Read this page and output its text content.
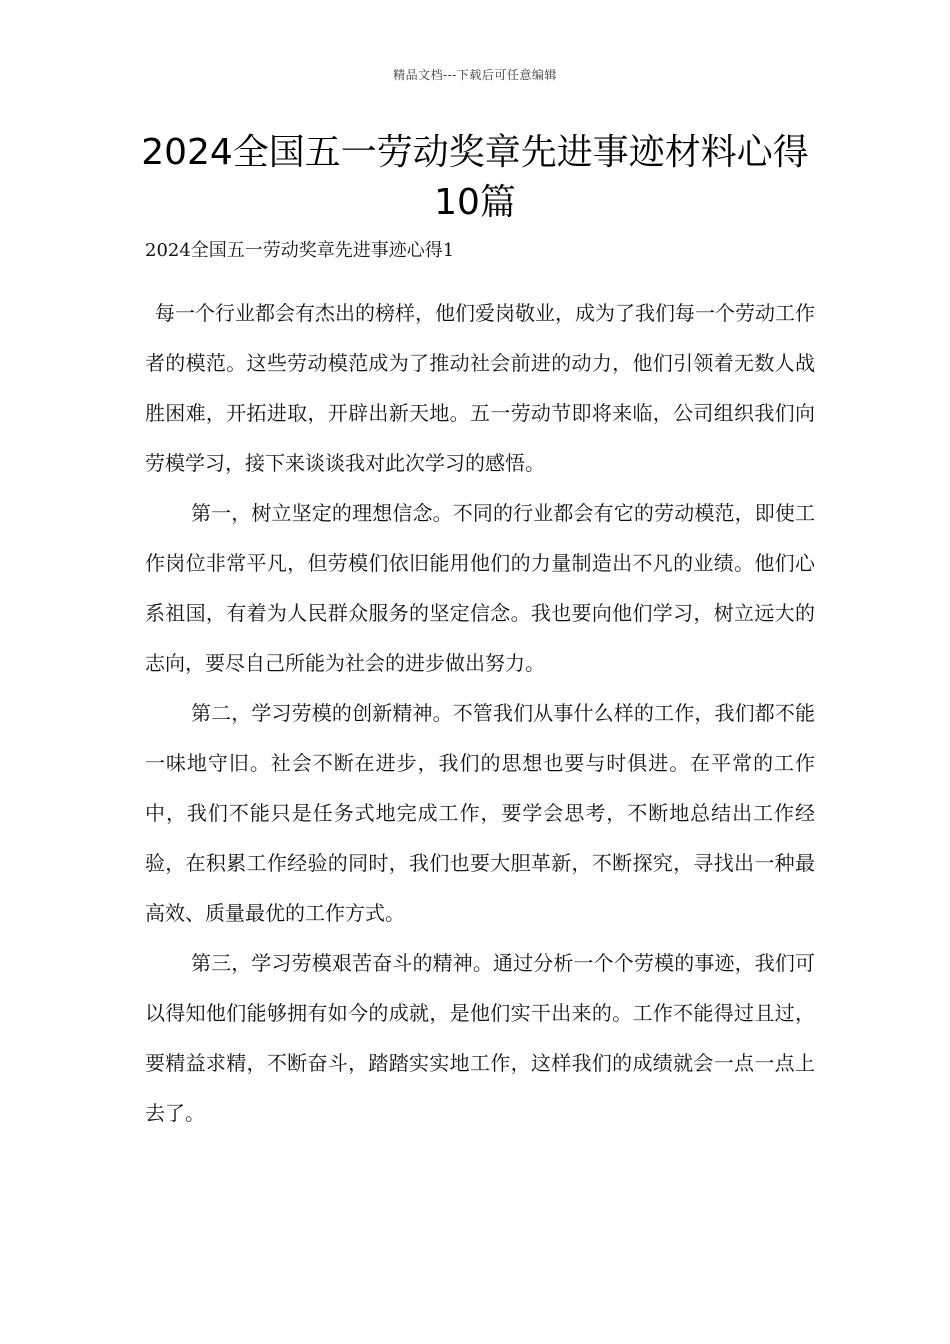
精品文档---下载后可任意编辑
2024全国五一劳动奖章先进事迹材料心得10篇
2024全国五一劳动奖章先进事迹心得1

每一个行业都会有杰出的榜样，他们爱岗敬业，成为了我们每一个劳动工作者的模范。这些劳动模范成为了推动社会前进的动力，他们引领着无数人战胜困难，开拓进取，开辟出新天地。五一劳动节即将来临，公司组织我们向劳模学习，接下来谈谈我对此次学习的感悟。

第一，树立坚定的理想信念。不同的行业都会有它的劳动模范，即使工作岗位非常平凡，但劳模们依旧能用他们的力量制造出不凡的业绩。他们心系祖国，有着为人民群众服务的坚定信念。我也要向他们学习，树立远大的志向，要尽自己所能为社会的进步做出努力。

第二，学习劳模的创新精神。不管我们从事什么样的工作，我们都不能一味地守旧。社会不断在进步，我们的思想也要与时俱进。在平常的工作中，我们不能只是任务式地完成工作，要学会思考，不断地总结出工作经验，在积累工作经验的同时，我们也要大胆革新，不断探究，寻找出一种最高效、质量最优的工作方式。

第三，学习劳模艰苦奋斗的精神。通过分析一个个劳模的事迹，我们可以得知他们能够拥有如今的成就，是他们实干出来的。工作不能得过且过，要精益求精，不断奋斗，踏踏实实地工作，这样我们的成绩就会一点一点上去了。
